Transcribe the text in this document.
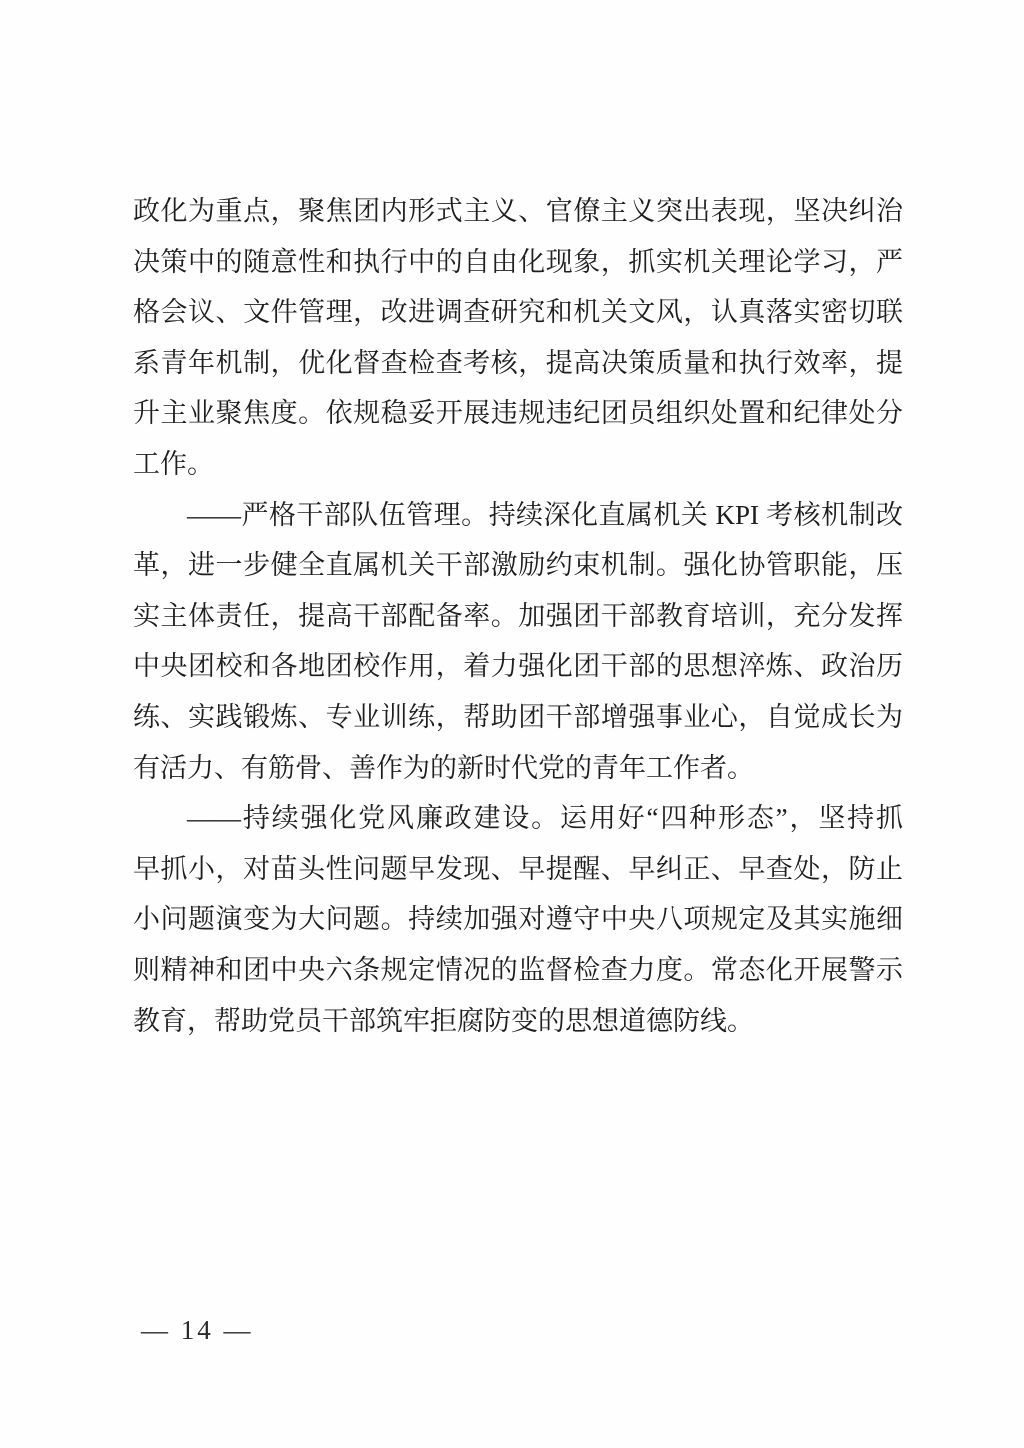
政化为重点，聚焦团内形式主义、官僚主义突出表现，坚决纠治
决策中的随意性和执行中的自由化现象，抓实机关理论学习，严
格会议、文件管理，改进调查研究和机关文风，认真落实密切联
系青年机制，优化督查检查考核，提高决策质量和执行效率，提
升主业聚焦度。依规稳妥开展违规违纪团员组织处置和纪律处分
工作。
——严格干部队伍管理。持续深化直属机关 KPI 考核机制改
革，进一步健全直属机关干部激励约束机制。强化协管职能，压
实主体责任，提高干部配备率。加强团干部教育培训，充分发挥
中央团校和各地团校作用，着力强化团干部的思想淬炼、政治历
练、实践锻炼、专业训练，帮助团干部增强事业心，自觉成长为
有活力、有筋骨、善作为的新时代党的青年工作者。
——持续强化党风廉政建设。运用好“四种形态”，坚持抓
早抓小，对苗头性问题早发现、早提醒、早纠正、早查处，防止
小问题演变为大问题。持续加强对遵守中央八项规定及其实施细
则精神和团中央六条规定情况的监督检查力度。常态化开展警示
教育，帮助党员干部筑牢拒腐防变的思想道德防线。
— 14 —
